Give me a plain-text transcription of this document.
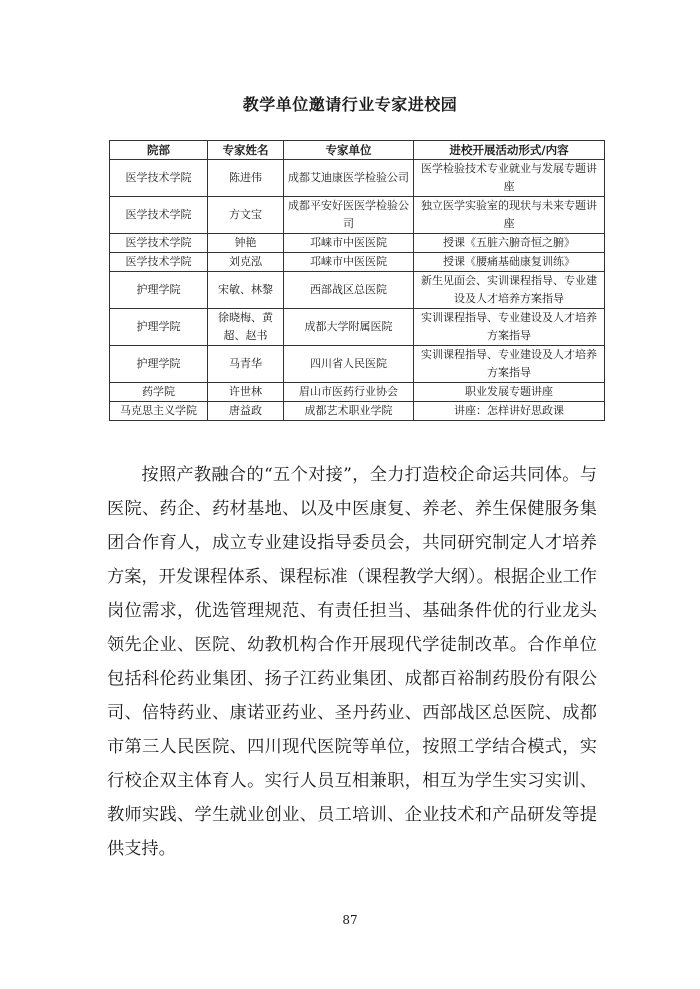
教学单位邀请行业专家进校园
院部	专家姓名	专家单位	进校开展活动形式/内容
医学技术学院	陈进伟	成都艾迪康医学检验公司	医学检验技术专业就业与发展专题讲座
医学技术学院	方文宝	成都平安好医医学检验公司	独立医学实验室的现状与未来专题讲座
医学技术学院	钟艳	邛崃市中医医院	授课《五脏六腑奇恒之腑》
医学技术学院	刘克泓	邛崃市中医医院	授课《腰痛基础康复训练》
护理学院	宋敏、林黎	西部战区总医院	新生见面会、实训课程指导、专业建设及人才培养方案指导
护理学院	徐晓梅、黄超、赵书	成都大学附属医院	实训课程指导、专业建设及人才培养方案指导
护理学院	马青华	四川省人民医院	实训课程指导、专业建设及人才培养方案指导
药学院	许世林	眉山市医药行业协会	职业发展专题讲座
马克思主义学院	唐益政	成都艺术职业学院	讲座：怎样讲好思政课

按照产教融合的“五个对接”，全力打造校企命运共同体。与医院、药企、药材基地、以及中医康复、养老、养生保健服务集团合作育人，成立专业建设指导委员会，共同研究制定人才培养方案，开发课程体系、课程标准（课程教学大纲）。根据企业工作岗位需求，优选管理规范、有责任担当、基础条件优的行业龙头领先企业、医院、幼教机构合作开展现代学徒制改革。合作单位包括科伦药业集团、扬子江药业集团、成都百裕制药股份有限公司、倍特药业、康诺亚药业、圣丹药业、西部战区总医院、成都市第三人民医院、四川现代医院等单位，按照工学结合模式，实行校企双主体育人。实行人员互相兼职，相互为学生实习实训、教师实践、学生就业创业、员工培训、企业技术和产品研发等提供支持。

87
